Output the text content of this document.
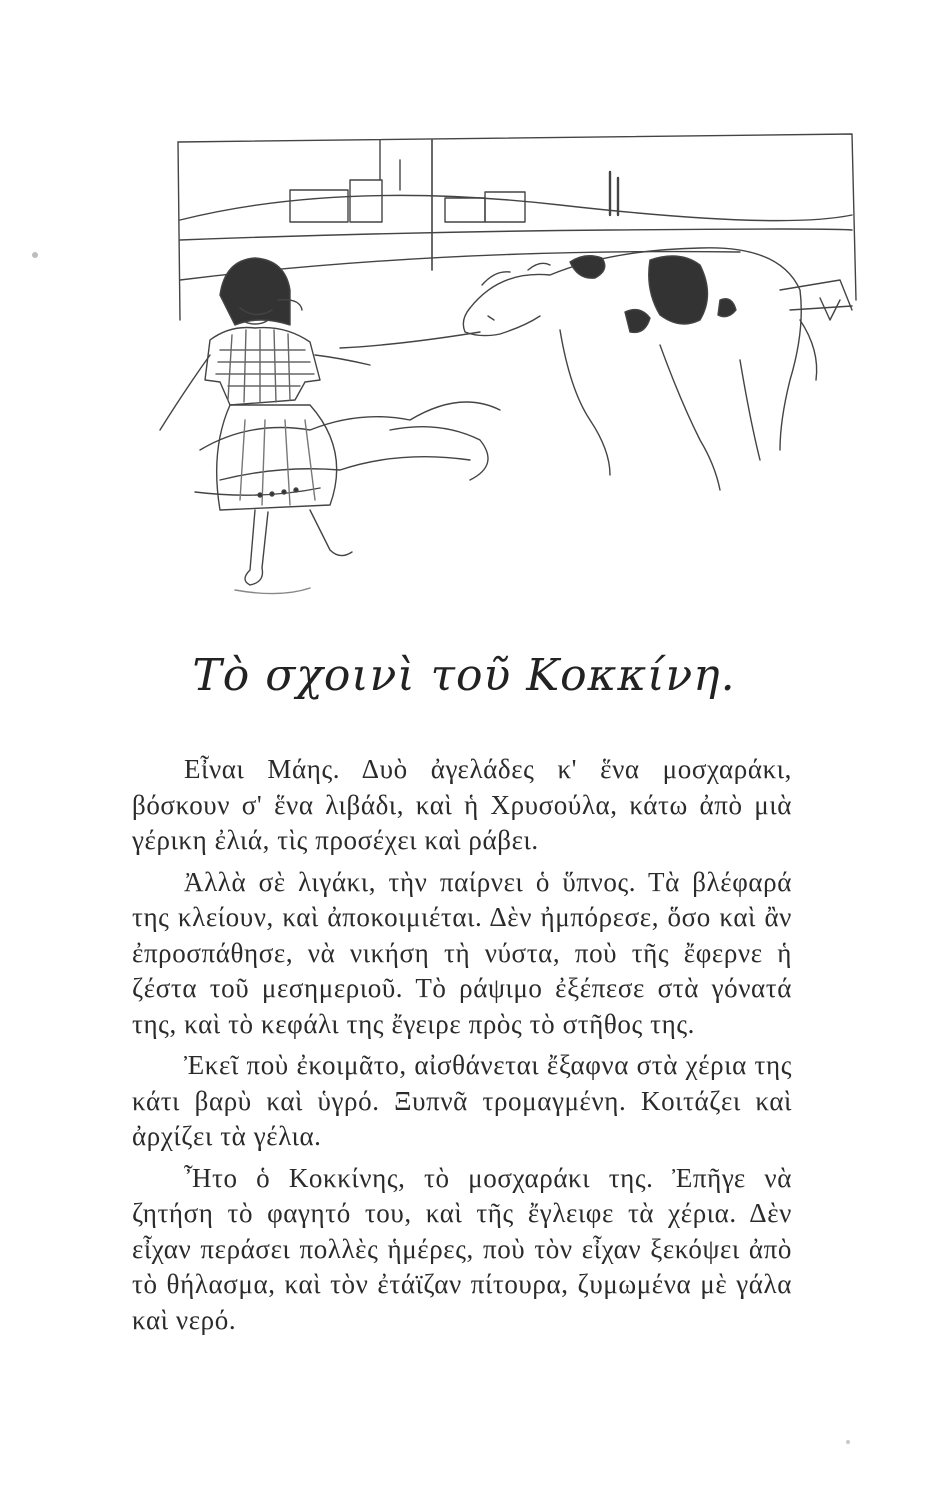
Τὸ σχοινὶ τοῦ Κοκκίνη.

Εἶναι Μάης. Δυὸ ἀγελάδες κ' ἕνα μοσχαράκι, βόσκουν σ' ἕνα λιβάδι, καὶ ἡ Χρυσούλα, κάτω ἀπὸ μιὰ γέρικη ἐλιά, τὶς προσέχει καὶ ράβει.

Ἀλλὰ σὲ λιγάκι, τὴν παίρνει ὁ ὕπνος. Τὰ βλέφαρά της κλείουν, καὶ ἀποκοιμιέται. Δὲν ἠμπόρεσε, ὅσο καὶ ἂν ἐπροσπάθησε, νὰ νικήση τὴ νύστα, ποὺ τῆς ἔφερνε ἡ ζέστα τοῦ μεσημεριοῦ. Τὸ ράψιμο ἐξέπεσε στὰ γόνατά της, καὶ τὸ κεφάλι της ἔγειρε πρὸς τὸ στῆθος της.

Ἐκεῖ ποὺ ἐκοιμᾶτο, αἰσθάνεται ἔξαφνα στὰ χέρια της κάτι βαρὺ καὶ ὑγρό. Ξυπνᾶ τρομαγμένη. Κοιτάζει καὶ ἀρχίζει τὰ γέλια.

Ἦτο ὁ Κοκκίνης, τὸ μοσχαράκι της. Ἐπῆγε νὰ ζητήση τὸ φαγητό του, καὶ τῆς ἔγλειφε τὰ χέρια. Δὲν εἶχαν περάσει πολλὲς ἡμέρες, ποὺ τὸν εἶχαν ξεκόψει ἀπὸ τὸ θήλασμα, καὶ τὸν ἐτάϊζαν πίτουρα, ζυμωμένα μὲ γάλα καὶ νερό.
